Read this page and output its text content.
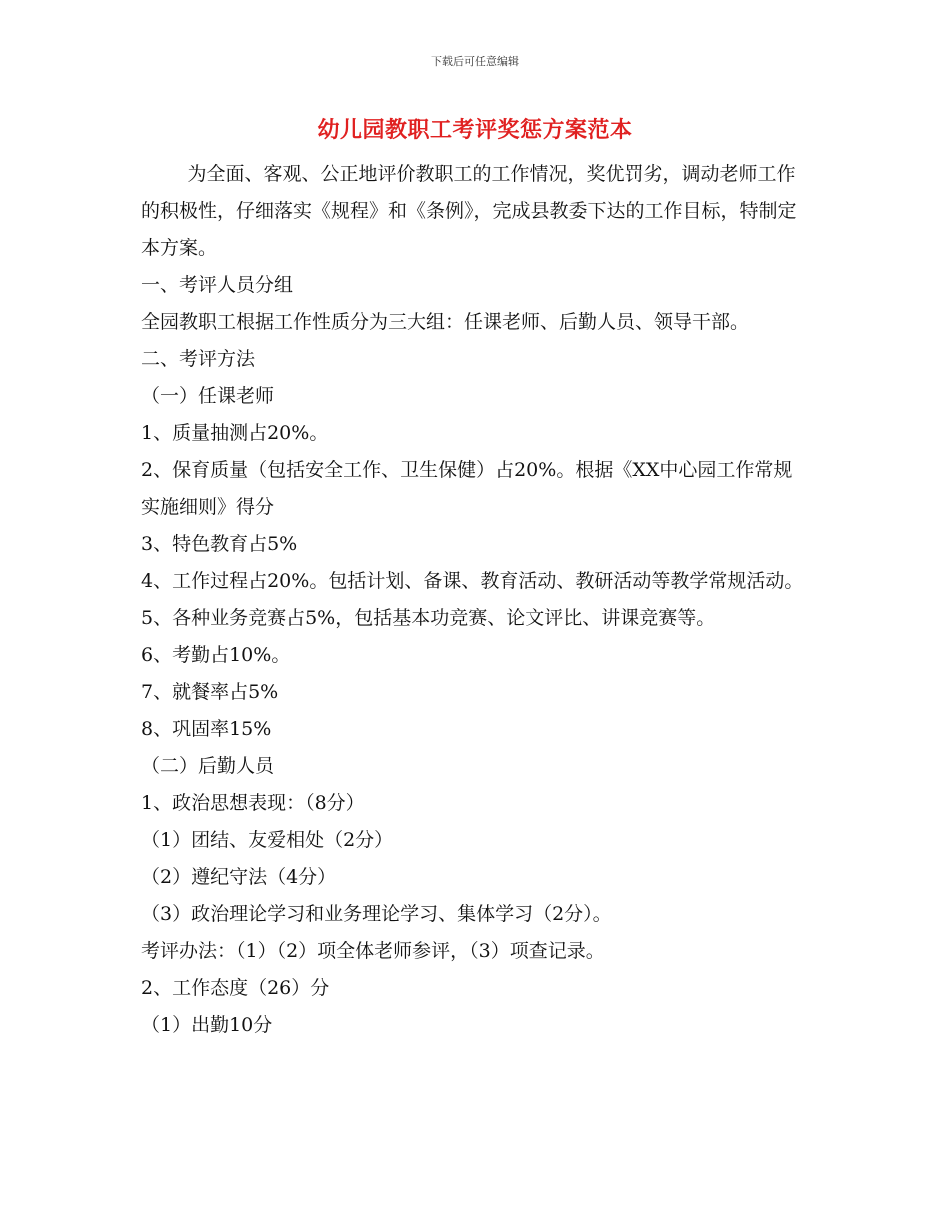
下载后可任意编辑
幼儿园教职工考评奖惩方案范本

为全面、客观、公正地评价教职工的工作情况，奖优罚劣，调动老师工作的积极性，仔细落实《规程》和《条例》，完成县教委下达的工作目标，特制定本方案。

一、考评人员分组

全园教职工根据工作性质分为三大组：任课老师、后勤人员、领导干部。

二、考评方法

（一）任课老师

1、质量抽测占20%。

2、保育质量（包括安全工作、卫生保健）占20%。根据《XX中心园工作常规实施细则》得分

3、特色教育占5%

4、工作过程占20%。包括计划、备课、教育活动、教研活动等教学常规活动。

5、各种业务竞赛占5%，包括基本功竞赛、论文评比、讲课竞赛等。

6、考勤占10%。

7、就餐率占5%

8、巩固率15%

（二）后勤人员

1、政治思想表现：（8分）

（1）团结、友爱相处（2分）

（2）遵纪守法（4分）

（3）政治理论学习和业务理论学习、集体学习（2分）。

考评办法：（1）（2）项全体老师参评，（3）项查记录。

2、工作态度（26）分

（1）出勤10分
